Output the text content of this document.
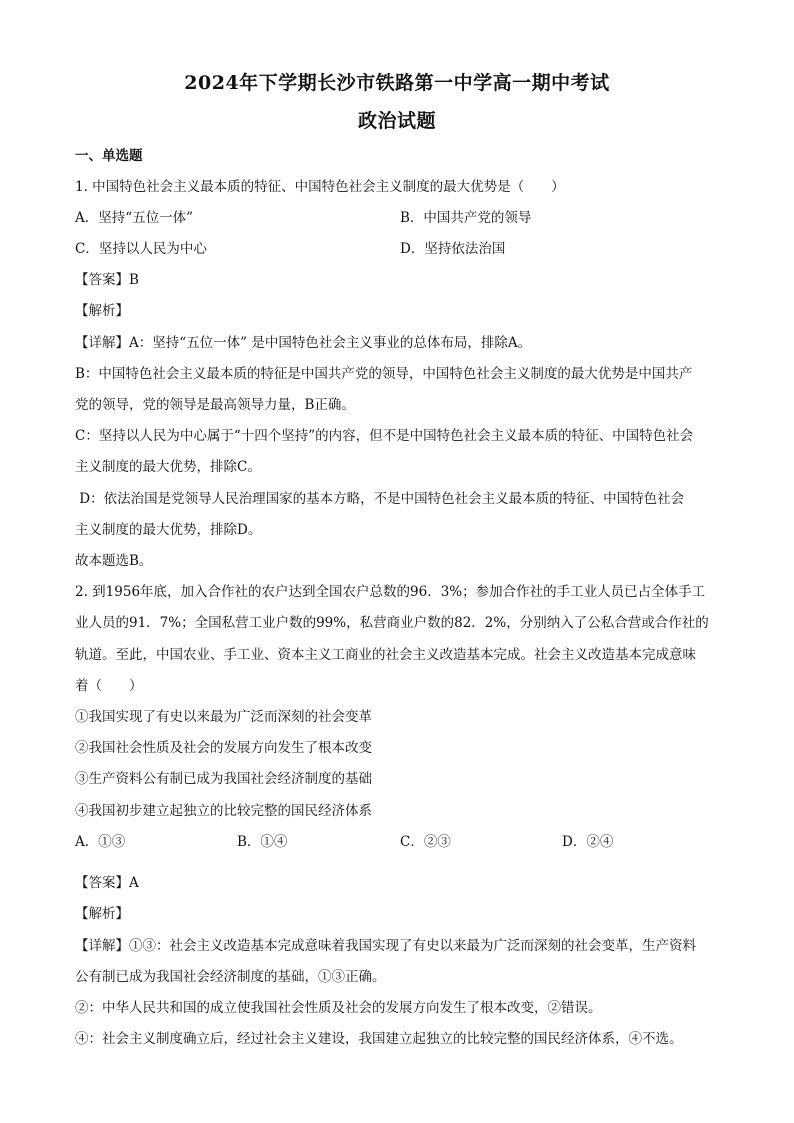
2024年下学期长沙市铁路第一中学高一期中考试
政治试题
一、单选题
1. 中国特色社会主义最本质的特征、中国特色社会主义制度的最大优势是（　　）
A．坚持“五位一体”	B．中国共产党的领导
C．坚持以人民为中心	D．坚持依法治国
【答案】B
【解析】
【详解】A：坚持“五位一体” 是中国特色社会主义事业的总体布局，排除A。
B：中国特色社会主义最本质的特征是中国共产党的领导，中国特色社会主义制度的最大优势是中国共产
党的领导，党的领导是最高领导力量，B正确。
C：坚持以人民为中心属于“十四个坚持”的内容，但不是中国特色社会主义最本质的特征、中国特色社会
主义制度的最大优势，排除C。
D：依法治国是党领导人民治理国家的基本方略，不是中国特色社会主义最本质的特征、中国特色社会
主义制度的最大优势，排除D。
故本题选B。
2. 到1956年底，加入合作社的农户达到全国农户总数的96．3%；参加合作社的手工业人员已占全体手工
业人员的91．7%；全国私营工业户数的99%，私营商业户数的82．2%，分别纳入了公私合营或合作社的
轨道。至此，中国农业、手工业、资本主义工商业的社会主义改造基本完成。社会主义改造基本完成意味
着（　　）
①我国实现了有史以来最为广泛而深刻的社会变革
②我国社会性质及社会的发展方向发生了根本改变
③生产资料公有制已成为我国社会经济制度的基础
④我国初步建立起独立的比较完整的国民经济体系
A．①③	B．①④	C．②③	D．②④
【答案】A
【解析】
【详解】①③：社会主义改造基本完成意味着我国实现了有史以来最为广泛而深刻的社会变革，生产资料
公有制已成为我国社会经济制度的基础，①③正确。
②：中华人民共和国的成立使我国社会性质及社会的发展方向发生了根本改变，②错误。
④：社会主义制度确立后，经过社会主义建设，我国建立起独立的比较完整的国民经济体系，④不选。
